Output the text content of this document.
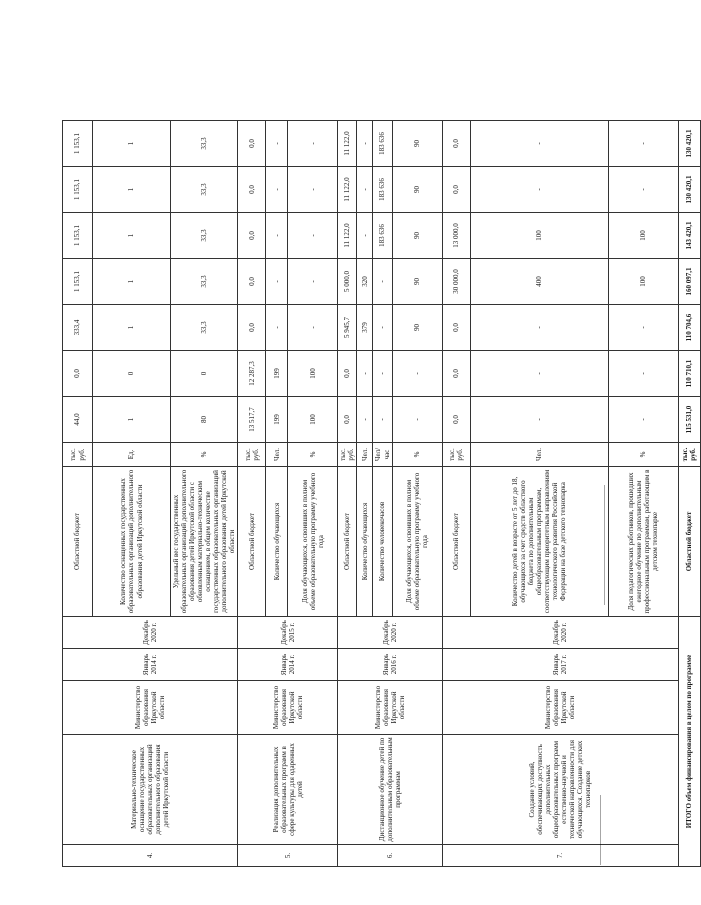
4.	Материально-техническое оснащение государственных образовательных организаций дополнительного образования детей Иркутской области	Министерство образования Иркутской области	Январь 2014 г.	Декабрь 2020 г.	Областной бюджет	тыс. руб.	44,0	0,0	333,4	1 153,1	1 153,1	1 153,1	1 153,1
					Количество оснащенных государственных образовательных организаций дополнительного образования детей Иркутской области	Ед.	1	0	1	1	1	1	1
					Удельный вес государственных образовательных организаций дополнительного образования детей Иркутской области с обновленным материально-техническим оснащением, в общем количестве государственных образовательных организаций дополнительного образования детей Иркутской области	%	80	0	33,3	33,3	33,3	33,3	33,3
5.	Реализация дополнительных образовательных программ в сфере культуры для одаренных детей	Министерство образования Иркутской области	Январь 2014 г.	Декабрь 2015 г.	Областной бюджет	тыс. руб.	13 517,7	12 287,3	0,0	0,0	0,0	0,0	0,0
					Количество обучающихся	Чел.	199	199	-	-	-	-	-
					Доля обучающихся, освоивших в полном объеме образовательную программу учебного года	%	100	100	-	-	-	-	-
6.	Дистанционное обучение детей по дополнительным образовательным программам	Министерство образования Иркутской области	Январь 2016 г.	Декабрь 2020 г.	Областной бюджет	тыс. руб.	0,0	0,0	5 945,7	5 000,0	11 122,0	11 122,0	11 122,0
					Количество обучающихся	Чел.	-	-	379	320	-	-	-
					Количество человекочасов	Чел/час	-	-	-	-	183 636	183 636	183 636
					Доля обучающихся, освоивших в полном объеме образовательную программу учебного года	%	-	-	90	90	90	90	90
7.	Создание условий, обеспечивающих доступность дополнительных общеобразовательных программ естественно-научной и технической направленности для обучающихся. Создание детских технопарков	Министерство образования Иркутской области	Январь 2017 г.	Декабрь 2020 г.	Областной бюджет	тыс. руб.	0,0	0,0	0,0	30 000,0	13 000,0	0,0	0,0
					Количество детей в возрасте от 5 лет до 18, обучающихся за счет средств областного бюджета по дополнительным общеобразовательным программам, соответствующим приоритетным направлениям технологического развития Российской Федерации на базе детского технопарка	Чел.	-	-	-	400	100	-	-
					Доля педагогических работников, прошедших ежегодное обучение по дополнительным профессиональным программам, работающим в детском технопарке	%	-	-	-	100	100	-	-
ИТОГО объем финансирования в целом по программе					Областной бюджет	тыс. руб.	115 531,0	110 710,1	110 704,6	160 097,1	143 420,1	130 420,1	130 420,1
